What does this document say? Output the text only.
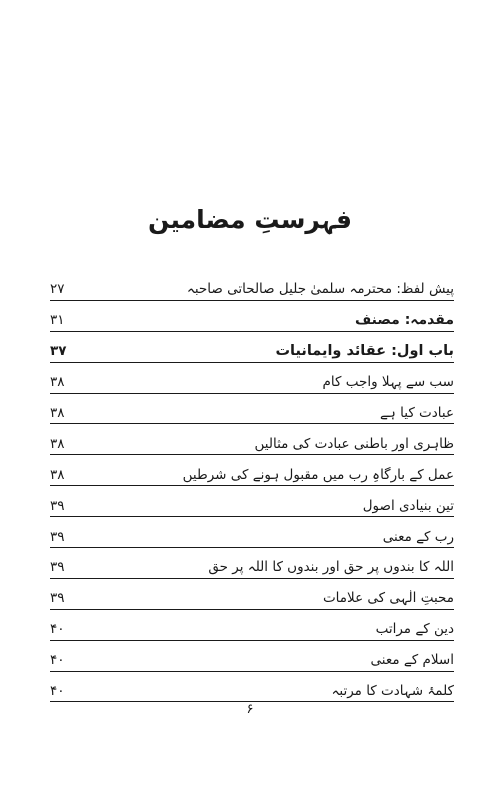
فہرستِ مضامین
پیش لفظ: محترمہ سلمیٰ جلیل صالحاتی صاحبہ
۲۷
مقدمہ: مصنف
۳۱
باب اول: عقائد وایمانیات
۳۷
سب سے پہلا واجب کام
۳۸
عبادت کیا ہے
۳۸
ظاہری اور باطنی عبادت کی مثالیں
۳۸
عمل کے بارگاہِ رب میں مقبول ہونے کی شرطیں
۳۸
تین بنیادی اصول
۳۹
رب کے معنی
۳۹
اللہ کا بندوں پر حق اور بندوں کا اللہ پر حق
۳۹
محبتِ الٰہی کی علامات
۳۹
دین کے مراتب
۴۰
اسلام کے معنی
۴۰
کلمۂ شہادت کا مرتبہ
۴۰
۶
